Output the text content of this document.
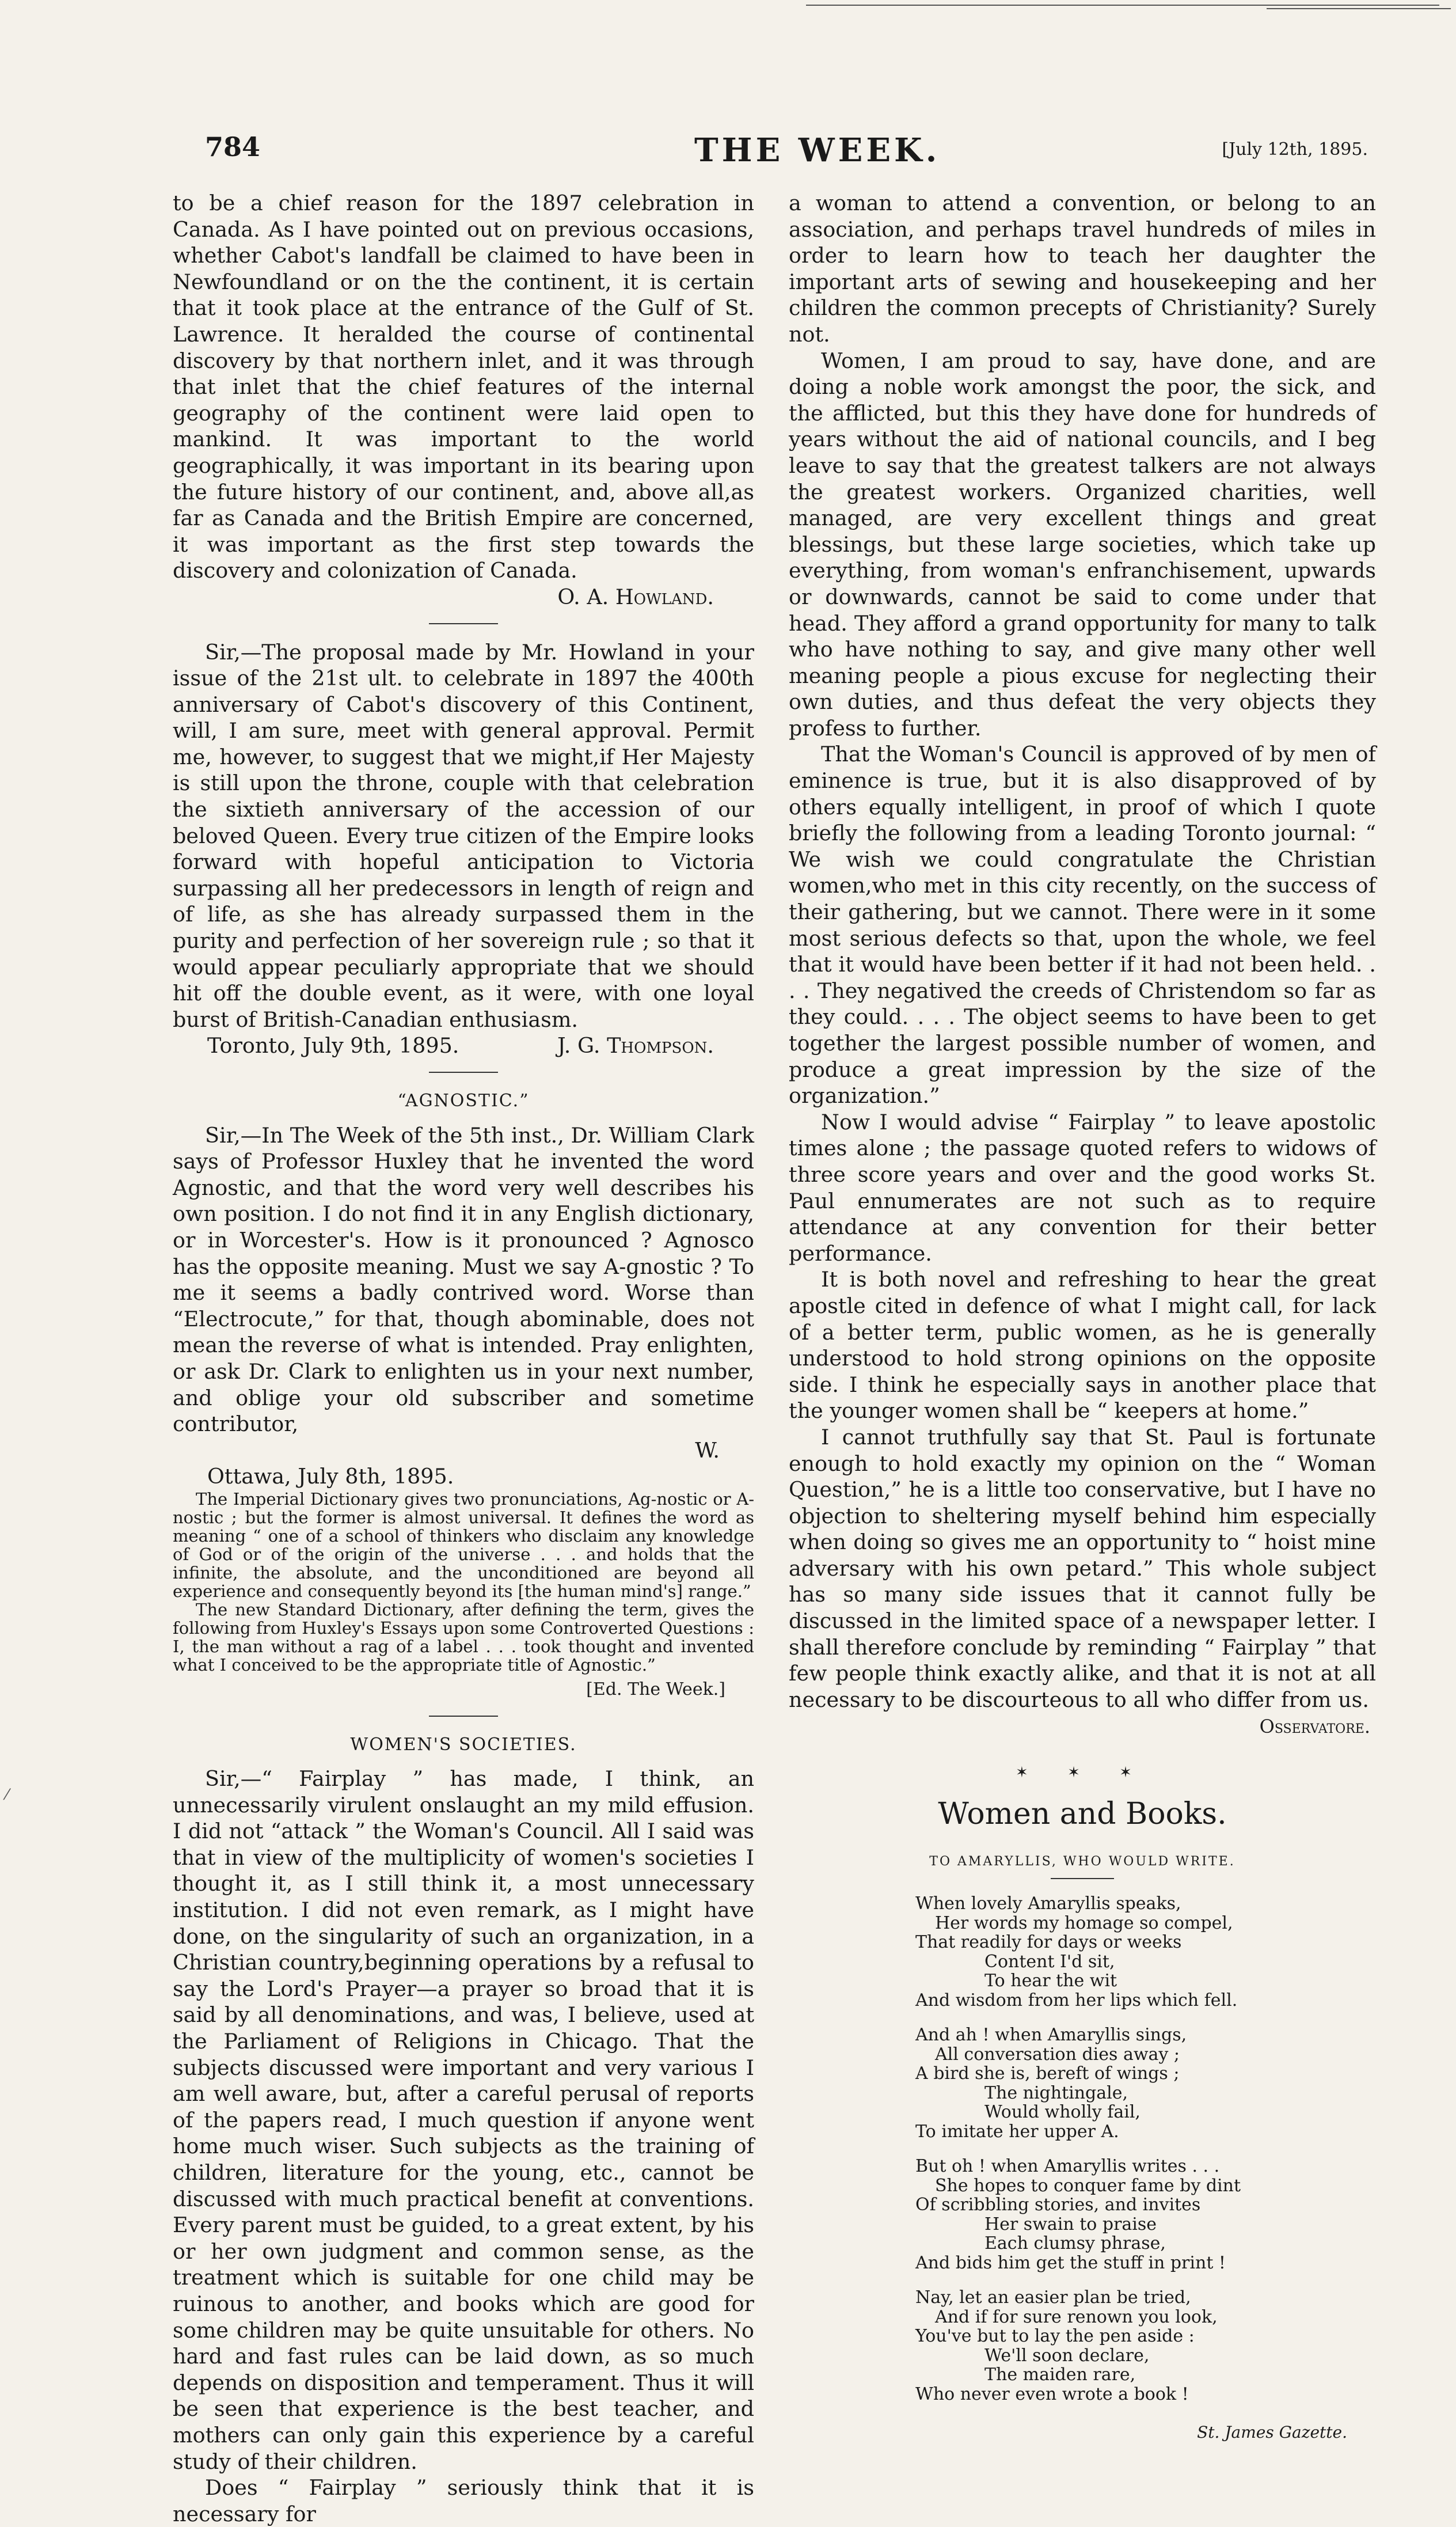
784	THE WEEK.	[July 12th, 1895.

to be a chief reason for the 1897 celebration in Canada. As I have pointed out on previous occasions, whether Cabot's landfall be claimed to have been in Newfoundland or on the the continent, it is certain that it took place at the entrance of the Gulf of St. Lawrence. It heralded the course of continental discovery by that northern inlet, and it was through that inlet that the chief features of the internal geography of the continent were laid open to mankind. It was important to the world geographically, it was important in its bearing upon the future history of our continent, and, above all,as far as Canada and the British Empire are concerned, it was important as the first step towards the discovery and colonization of Canada.

O. A. Howland.

Sir,—The proposal made by Mr. Howland in your issue of the 21st ult. to celebrate in 1897 the 400th anniversary of Cabot's discovery of this Continent, will, I am sure, meet with general approval. Permit me, however, to suggest that we might,if Her Majesty is still upon the throne, couple with that celebration the sixtieth anniversary of the accession of our beloved Queen. Every true citizen of the Empire looks forward with hopeful anticipation to Victoria surpassing all her predecessors in length of reign and of life, as she has already surpassed them in the purity and perfection of her sovereign rule ; so that it would appear peculiarly appropriate that we should hit off the double event, as it were, with one loyal burst of British-Canadian enthusiasm.

Toronto, July 9th, 1895.	J. G. Thompson.
“AGNOSTIC.”

Sir,—In The Week of the 5th inst., Dr. William Clark says of Professor Huxley that he invented the word Agnostic, and that the word very well describes his own position. I do not find it in any English dictionary, or in Worcester's. How is it pronounced ? Agnosco has the opposite meaning. Must we say A-gnostic ? To me it seems a badly contrived word. Worse than “Electrocute,” for that, though abominable, does not mean the reverse of what is intended. Pray enlighten, or ask Dr. Clark to enlighten us in your next number, and oblige your old subscriber and sometime contributor,

W.
Ottawa, July 8th, 1895.

The Imperial Dictionary gives two pronunciations, Ag-nostic or A-nostic ; but the former is almost universal. It defines the word as meaning “ one of a school of thinkers who disclaim any knowledge of God or of the origin of the universe . . . and holds that the infinite, the absolute, and the unconditioned are beyond all experience and consequently beyond its [the human mind's] range.”

The new Standard Dictionary, after defining the term, gives the following from Huxley's Essays upon some Controverted Questions : I, the man without a rag of a label . . . took thought and invented what I conceived to be the appropriate title of Agnostic.”

[Ed. The Week.]
WOMEN'S SOCIETIES.

Sir,—“ Fairplay ” has made, I think, an unnecessarily virulent onslaught an my mild effusion. I did not “attack ” the Woman's Council. All I said was that in view of the multiplicity of women's societies I thought it, as I still think it, a most unnecessary institution. I did not even remark, as I might have done, on the singularity of such an organization, in a Christian country,beginning operations by a refusal to say the Lord's Prayer—a prayer so broad that it is said by all denominations, and was, I believe, used at the Parliament of Religions in Chicago. That the subjects discussed were important and very various I am well aware, but, after a careful perusal of reports of the papers read, I much question if anyone went home much wiser. Such subjects as the training of children, literature for the young, etc., cannot be discussed with much practical benefit at conventions. Every parent must be guided, to a great extent, by his or her own judgment and common sense, as the treatment which is suitable for one child may be ruinous to another, and books which are good for some children may be quite unsuitable for others. No hard and fast rules can be laid down, as so much depends on disposition and temperament. Thus it will be seen that experience is the best teacher, and mothers can only gain this experience by a careful study of their children.

Does “ Fairplay ” seriously think that it is necessary for

a woman to attend a convention, or belong to an association, and perhaps travel hundreds of miles in order to learn how to teach her daughter the important arts of sewing and housekeeping and her children the common precepts of Christianity? Surely not.

Women, I am proud to say, have done, and are doing a noble work amongst the poor, the sick, and the afflicted, but this they have done for hundreds of years without the aid of national councils, and I beg leave to say that the greatest talkers are not always the greatest workers. Organized charities, well managed, are very excellent things and great blessings, but these large societies, which take up everything, from woman's enfranchisement, upwards or downwards, cannot be said to come under that head. They afford a grand opportunity for many to talk who have nothing to say, and give many other well meaning people a pious excuse for neglecting their own duties, and thus defeat the very objects they profess to further.

That the Woman's Council is approved of by men of eminence is true, but it is also disapproved of by others equally intelligent, in proof of which I quote briefly the following from a leading Toronto journal: “ We wish we could congratulate the Christian women,who met in this city recently, on the success of their gathering, but we cannot. There were in it some most serious defects so that, upon the whole, we feel that it would have been better if it had not been held. . . . They negatived the creeds of Christendom so far as they could. . . . The object seems to have been to get together the largest possible number of women, and produce a great impression by the size of the organization.”

Now I would advise “ Fairplay ” to leave apostolic times alone ; the passage quoted refers to widows of three score years and over and the good works St. Paul ennumerates are not such as to require attendance at any convention for their better performance.

It is both novel and refreshing to hear the great apostle cited in defence of what I might call, for lack of a better term, public women, as he is generally understood to hold strong opinions on the opposite side. I think he especially says in another place that the younger women shall be “ keepers at home.”

I cannot truthfully say that St. Paul is fortunate enough to hold exactly my opinion on the “ Woman Question,” he is a little too conservative, but I have no objection to sheltering myself behind him especially when doing so gives me an opportunity to “ hoist mine adversary with his own petard.” This whole subject has so many side issues that it cannot fully be discussed in the limited space of a newspaper letter. I shall therefore conclude by reminding “ Fairplay ” that few people think exactly alike, and that it is not at all necessary to be discourteous to all who differ from us.

Osservatore.
✶ ✶ ✶
Women and Books.
TO AMARYLLIS, WHO WOULD WRITE.
When lovely Amaryllis speaks,
Her words my homage so compel,
That readily for days or weeks
Content I'd sit,
To hear the wit
And wisdom from her lips which fell.
And ah ! when Amaryllis sings,
All conversation dies away ;
A bird she is, bereft of wings ;
The nightingale,
Would wholly fail,
To imitate her upper A.
But oh ! when Amaryllis writes . . .
She hopes to conquer fame by dint
Of scribbling stories, and invites
Her swain to praise
Each clumsy phrase,
And bids him get the stuff in print !
Nay, let an easier plan be tried,
And if for sure renown you look,
You've but to lay the pen aside :
We'll soon declare,
The maiden rare,
Who never even wrote a book !
St. James Gazette.
⁄
